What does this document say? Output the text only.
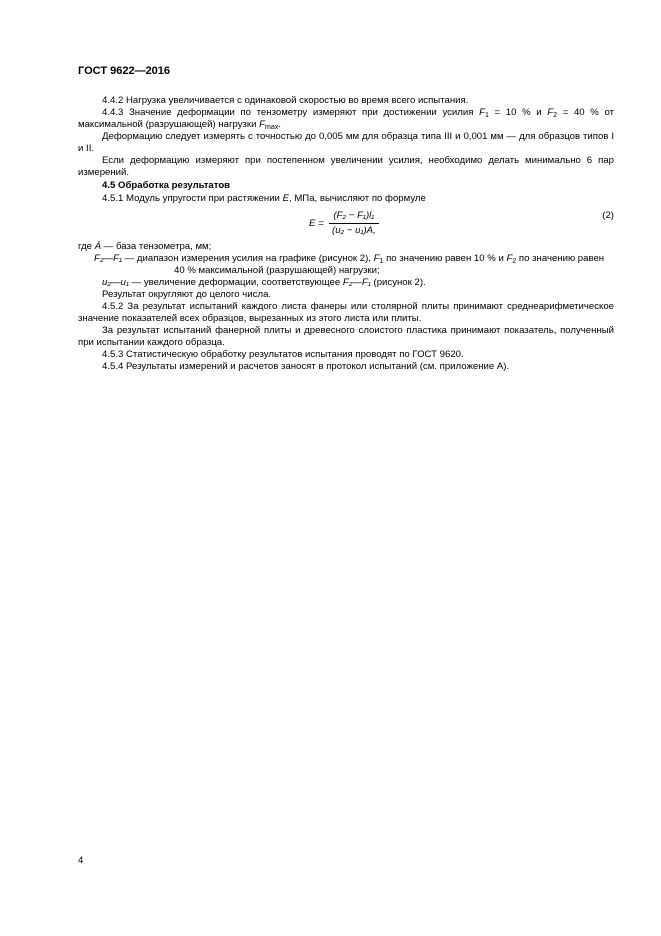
ГОСТ 9622—2016

4.4.2 Нагрузка увеличивается с одинаковой скоростью во время всего испытания.

4.4.3 Значение деформации по тензометру измеряют при достижении усилия $F_1 = 10$ % и $F_2 = 40$ % от максимальной (разрушающей) нагрузки $F_{max}$.

Деформацию следует измерять с точностью до 0,005 мм для образца типа III и 0,001 мм — для образцов типов I и II.

Если деформацию измеряют при постепенном увеличении усилия, необходимо делать минимально 6 пар измерений.

4.5 Обработка результатов

4.5.1 Модуль упругости при растяжении E, МПа, вычисляют по формуле

$E = \frac{\text{(F₂ − F₁)l₁}}{\text{(u₂ − u₁)A,}}$	(2)

где Á — база тензометра, мм;

F₂—F₁ — диапазон измерения усилия на графике (рисунок 2), $F_1$ по значению равен 10 % и $F_2$ по значению равен 40 % максимальной (разрушающей) нагрузки;

u₂—u₁ — увеличение деформации, соответствующее F₂—F₁ (рисунок 2).

Результат округляют до целого числа.

4.5.2 За результат испытаний каждого листа фанеры или столярной плиты принимают среднеарифметическое значение показателей всех образцов, вырезанных из этого листа или плиты.

За результат испытаний фанерной плиты и древесного слоистого пластика принимают показатель, полученный при испытании каждого образца.

4.5.3 Статистическую обработку результатов испытания проводят по ГОСТ 9620.

4.5.4 Результаты измерений и расчетов заносят в протокол испытаний (см. приложение А).

4
